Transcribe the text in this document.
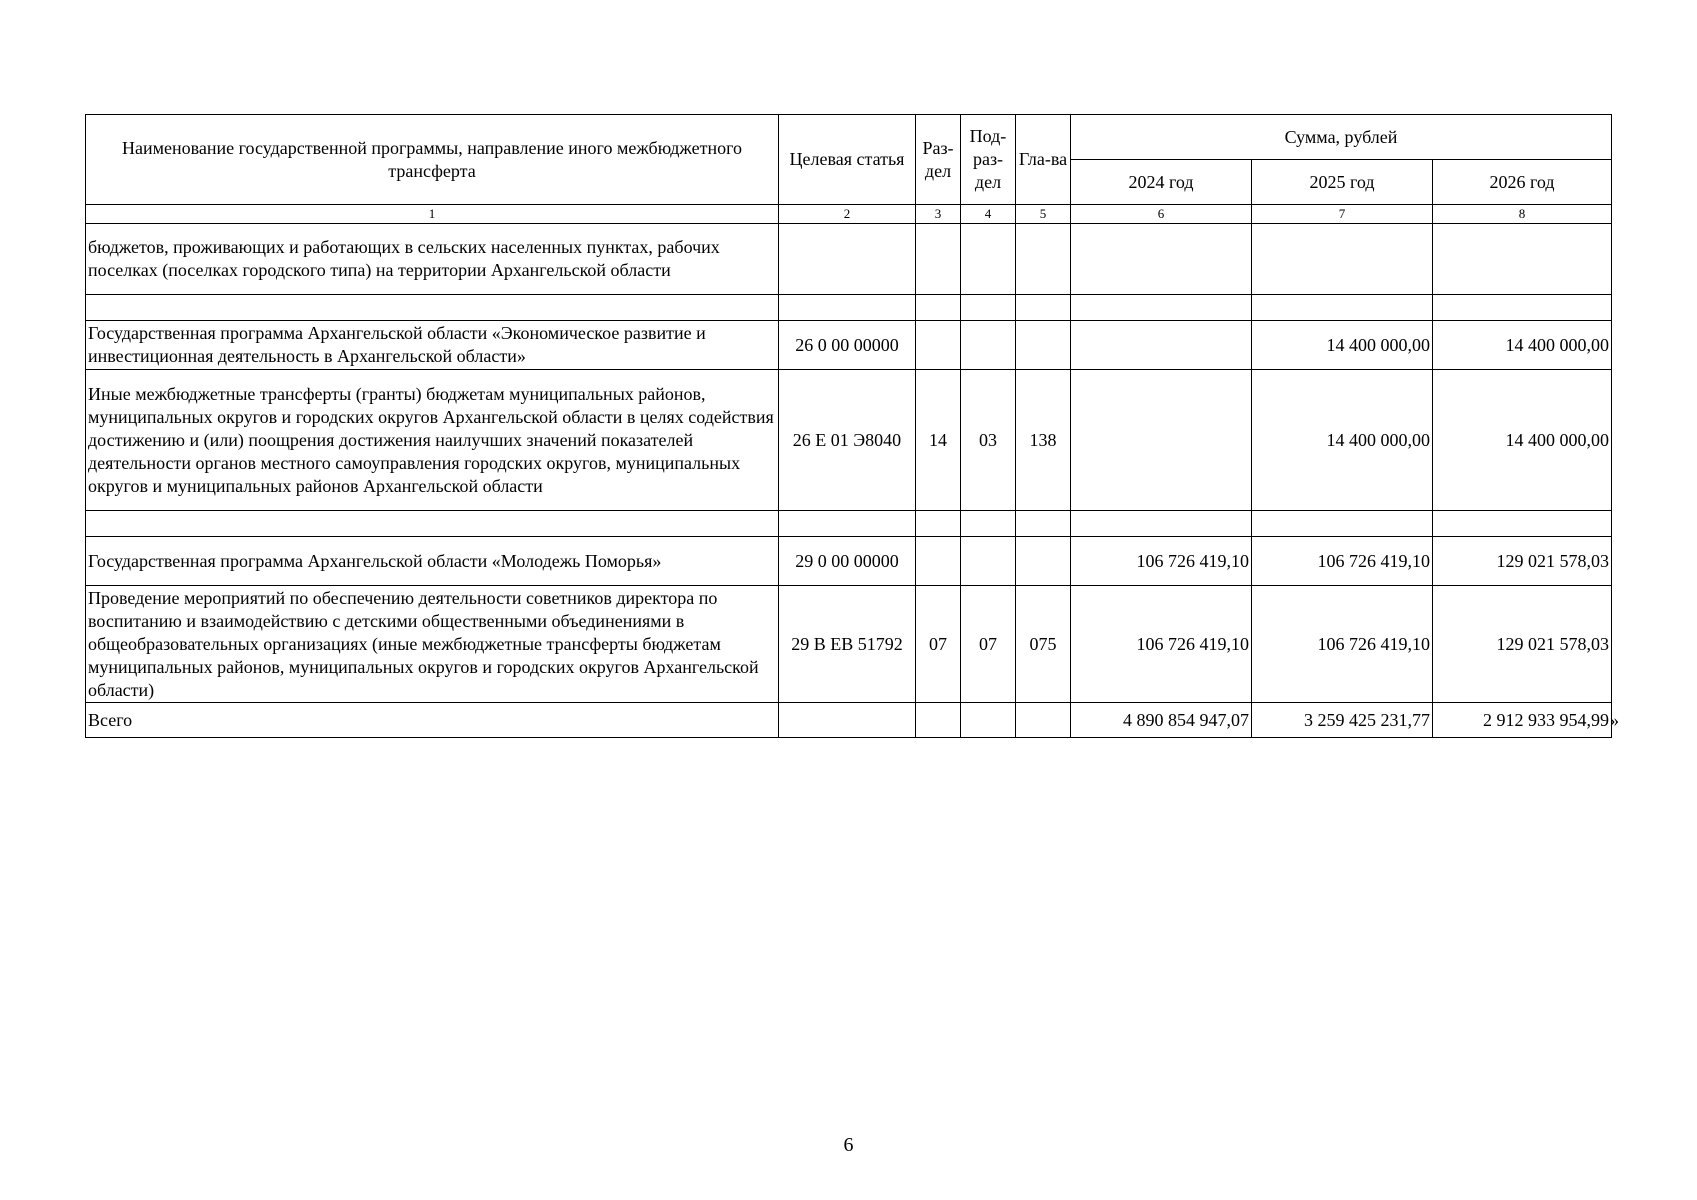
Наименование государственной программы, направление иного межбюджетного трансферта	Целевая статья	Раз-дел	Под-раз-дел	Гла-ва	Сумма, рублей		
					2024 год	2025 год	2026 год
1	2	3	4	5	6	7	8
бюджетов, проживающих и работающих в сельских населенных пунктах, рабочих поселках (поселках городского типа) на территории Архангельской области							

Государственная программа Архангельской области «Экономическое развитие и инвестиционная деятельность в Архангельской области»	26 0 00 00000					14 400 000,00	14 400 000,00
Иные межбюджетные трансферты (гранты) бюджетам муниципальных районов, муниципальных округов и городских округов Архангельской области в целях содействия достижению и (или) поощрения достижения наилучших значений показателей деятельности органов местного самоуправления городских округов, муниципальных округов и муниципальных районов Архангельской области	26 Е 01 Э8040	14	03	138		14 400 000,00	14 400 000,00

Государственная программа Архангельской области «Молодежь Поморья»	29 0 00 00000				106 726 419,10	106 726 419,10	129 021 578,03
Проведение мероприятий по обеспечению деятельности советников директора по воспитанию и взаимодействию с детскими общественными объединениями в общеобразовательных организациях (иные межбюджетные трансферты бюджетам муниципальных районов, муниципальных округов и городских округов Архангельской области)	29 В ЕВ 51792	07	07	075	106 726 419,10	106 726 419,10	129 021 578,03
Всего					4 890 854 947,07	3 259 425 231,77	2 912 933 954,99 »
6
